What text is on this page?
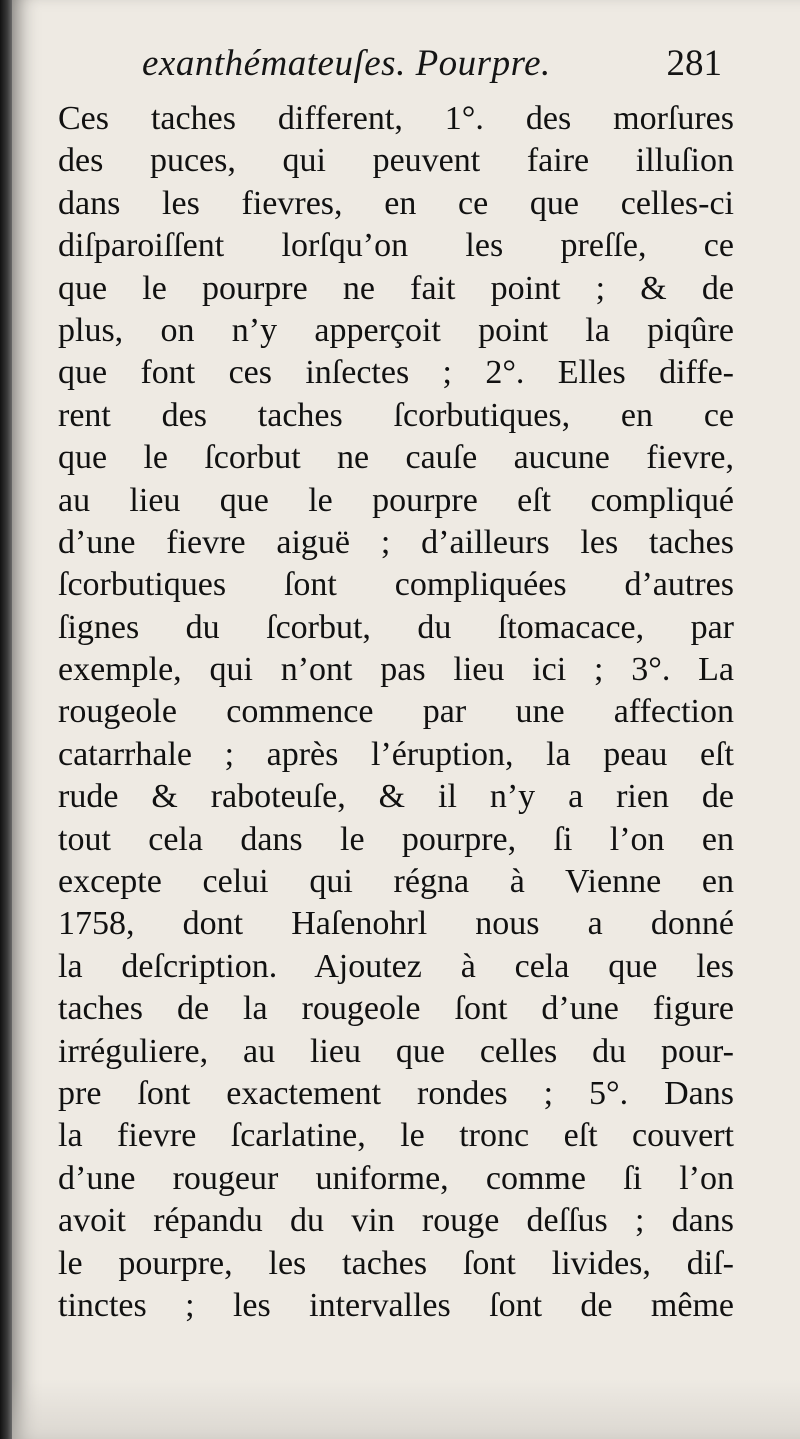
exanthémateuſes. Pourpre.	281
Ces taches different, 1°. des morſures
des puces, qui peuvent faire illuſion
dans les fievres, en ce que celles-ci
diſparoiſſent lorſqu’on les preſſe, ce
que le pourpre ne fait point ; & de
plus, on n’y apperçoit point la piqûre
que font ces inſectes ; 2°. Elles diffe-
rent des taches ſcorbutiques, en ce
que le ſcorbut ne cauſe aucune fievre,
au lieu que le pourpre eſt compliqué
d’une fievre aiguë ; d’ailleurs les taches
ſcorbutiques ſont compliquées d’autres
ſignes du ſcorbut, du ſtomacace, par
exemple, qui n’ont pas lieu ici ; 3°. La
rougeole commence par une affection
catarrhale ; après l’éruption, la peau eſt
rude & raboteuſe, & il n’y a rien de
tout cela dans le pourpre, ſi l’on en
excepte celui qui régna à Vienne en
1758, dont Haſenohrl nous a donné
la deſcription. Ajoutez à cela que les
taches de la rougeole ſont d’une figure
irréguliere, au lieu que celles du pour-
pre ſont exactement rondes ; 5°. Dans
la fievre ſcarlatine, le tronc eſt couvert
d’une rougeur uniforme, comme ſi l’on
avoit répandu du vin rouge deſſus ; dans
le pourpre, les taches ſont livides, diſ-
tinctes ; les intervalles ſont de même
